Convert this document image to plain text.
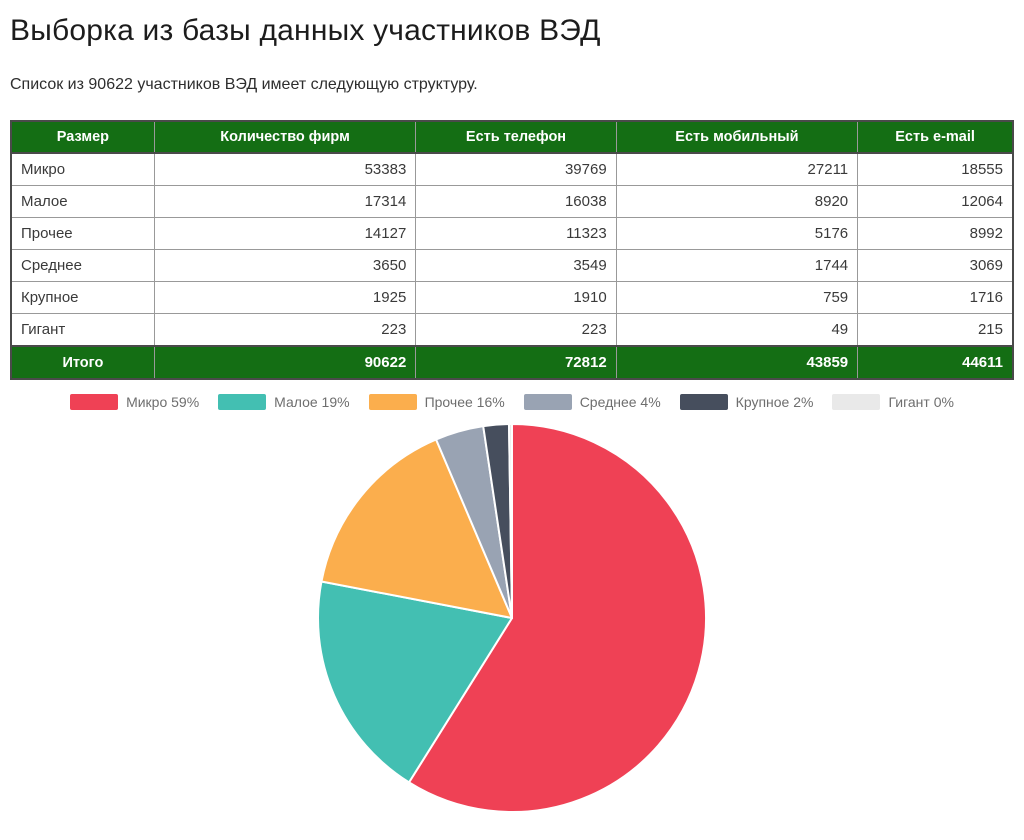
Выборка из базы данных участников ВЭД

Список из 90622 участников ВЭД имеет следующую структуру.

Размер	Количество фирм	Есть телефон	Есть мобильный	Есть e-mail
Микро	53383	39769	27211	18555
Малое	17314	16038	8920	12064
Прочее	14127	11323	5176	8992
Среднее	3650	3549	1744	3069
Крупное	1925	1910	759	1716
Гигант	223	223	49	215
Итого	90622	72812	43859	44611
Микро 59%	Малое 19%	Прочее 16%	Среднее 4%	Крупное 2%	Гигант 0%
